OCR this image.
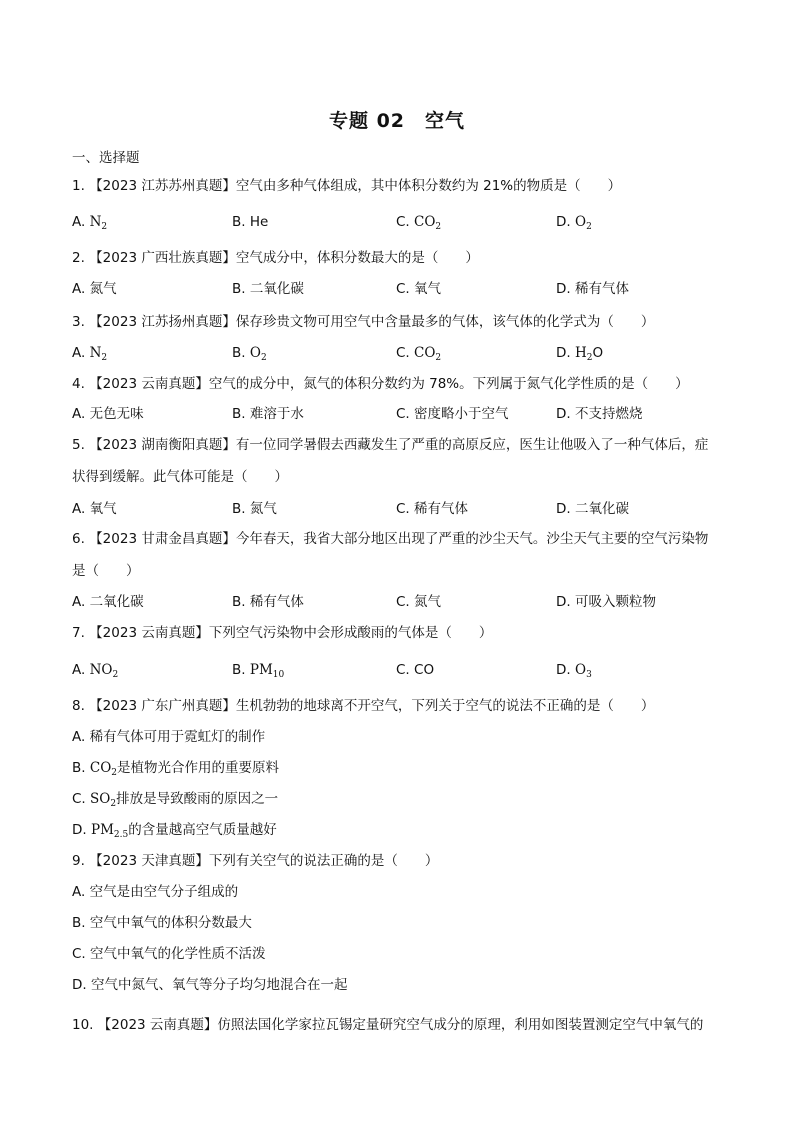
专题 02　空气
一、选择题
1. 【2023 江苏苏州真题】空气由多种气体组成，其中体积分数约为 21%的物质是（　　）
A. $N_2$	B. He	C. $CO_2$	D. $O_2$
2. 【2023 广西壮族真题】空气成分中，体积分数最大的是（　　）
A. 氮气	B. 二氧化碳	C. 氧气	D. 稀有气体
3. 【2023 江苏扬州真题】保存珍贵文物可用空气中含量最多的气体，该气体的化学式为（　　）
A. $N_2$	B. $O_2$	C. $CO_2$	D. $H_2O$
4. 【2023 云南真题】空气的成分中，氮气的体积分数约为 78%。下列属于氮气化学性质的是（　　）
A. 无色无味	B. 难溶于水	C. 密度略小于空气	D. 不支持燃烧
5. 【2023 湖南衡阳真题】有一位同学暑假去西藏发生了严重的高原反应，医生让他吸入了一种气体后，症
状得到缓解。此气体可能是（　　）
A. 氧气	B. 氮气	C. 稀有气体	D. 二氧化碳
6. 【2023 甘肃金昌真题】今年春天，我省大部分地区出现了严重的沙尘天气。沙尘天气主要的空气污染物
是（　　）
A. 二氧化碳	B. 稀有气体	C. 氮气	D. 可吸入颗粒物
7. 【2023 云南真题】下列空气污染物中会形成酸雨的气体是（　　）
A. $NO_2$	B. $PM_{10}$	C. CO	D. $O_3$
8. 【2023 广东广州真题】生机勃勃的地球离不开空气，下列关于空气的说法不正确的是（　　）
A. 稀有气体可用于霓虹灯的制作
B. $CO_2$是植物光合作用的重要原料
C. $SO_2$排放是导致酸雨的原因之一
D. $PM_{2.5}$的含量越高空气质量越好
9. 【2023 天津真题】下列有关空气的说法正确的是（　　）
A. 空气是由空气分子组成的
B. 空气中氧气的体积分数最大
C. 空气中氧气的化学性质不活泼
D. 空气中氮气、氧气等分子均匀地混合在一起
10. 【2023 云南真题】仿照法国化学家拉瓦锡定量研究空气成分的原理，利用如图装置测定空气中氧气的
